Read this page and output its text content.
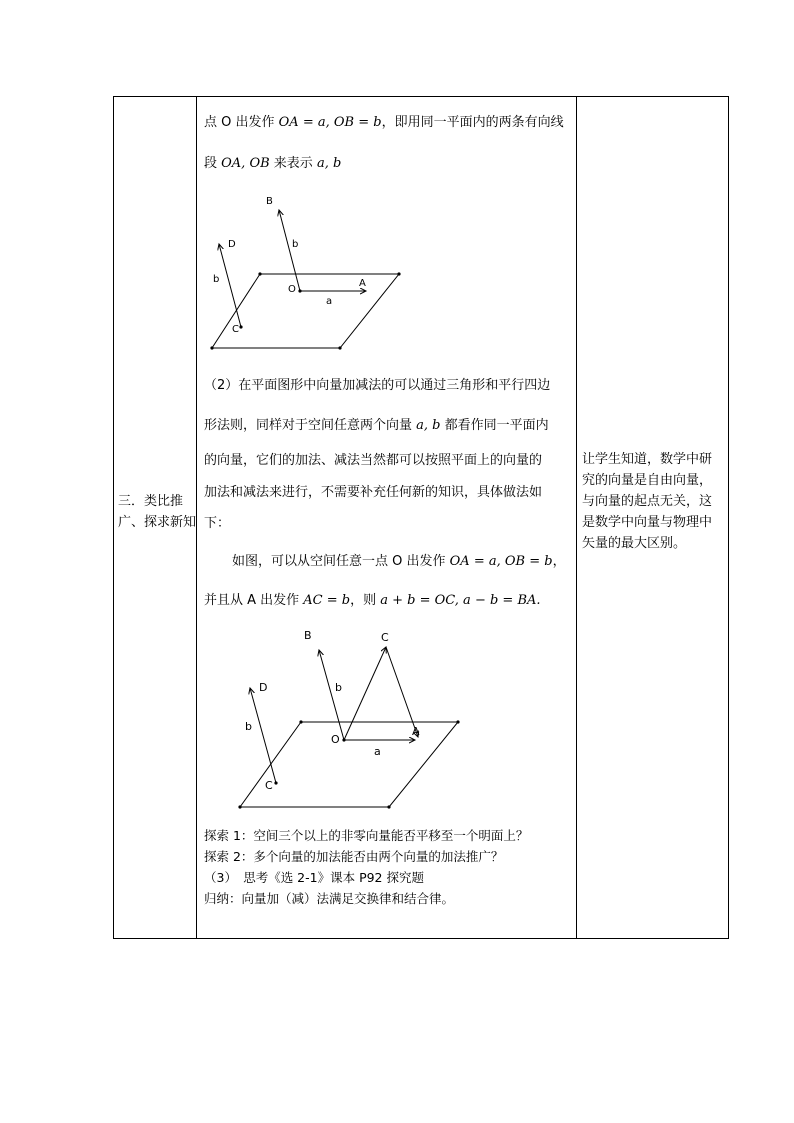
三．类比推广、探求新知
让学生知道，数学中研究的向量是自由向量，与向量的起点无关，这是数学中向量与物理中矢量的最大区别。
点 O 出发作 OA = a, OB = b，即用同一平面内的两条有向线
段 OA, OB 来表示 a, b
B
b
D
b
O
A
a
C
（2）在平面图形中向量加减法的可以通过三角形和平行四边
形法则，同样对于空间任意两个向量 a, b 都看作同一平面内
的向量，它们的加法、减法当然都可以按照平面上的向量的
加法和减法来进行，不需要补充任何新的知识，具体做法如
下：
如图，可以从空间任意一点 O 出发作 OA = a, OB = b，
并且从 A 出发作 AC = b，则 a + b = OC, a − b = BA.
B	C
D	b
b
O
A
a
C
探索 1：空间三个以上的非零向量能否平移至一个明面上？
探索 2：多个向量的加法能否由两个向量的加法推广？
（3）　思考《选 2-1》课本 P92 探究题
归纳：向量加（减）法满足交换律和结合律。
